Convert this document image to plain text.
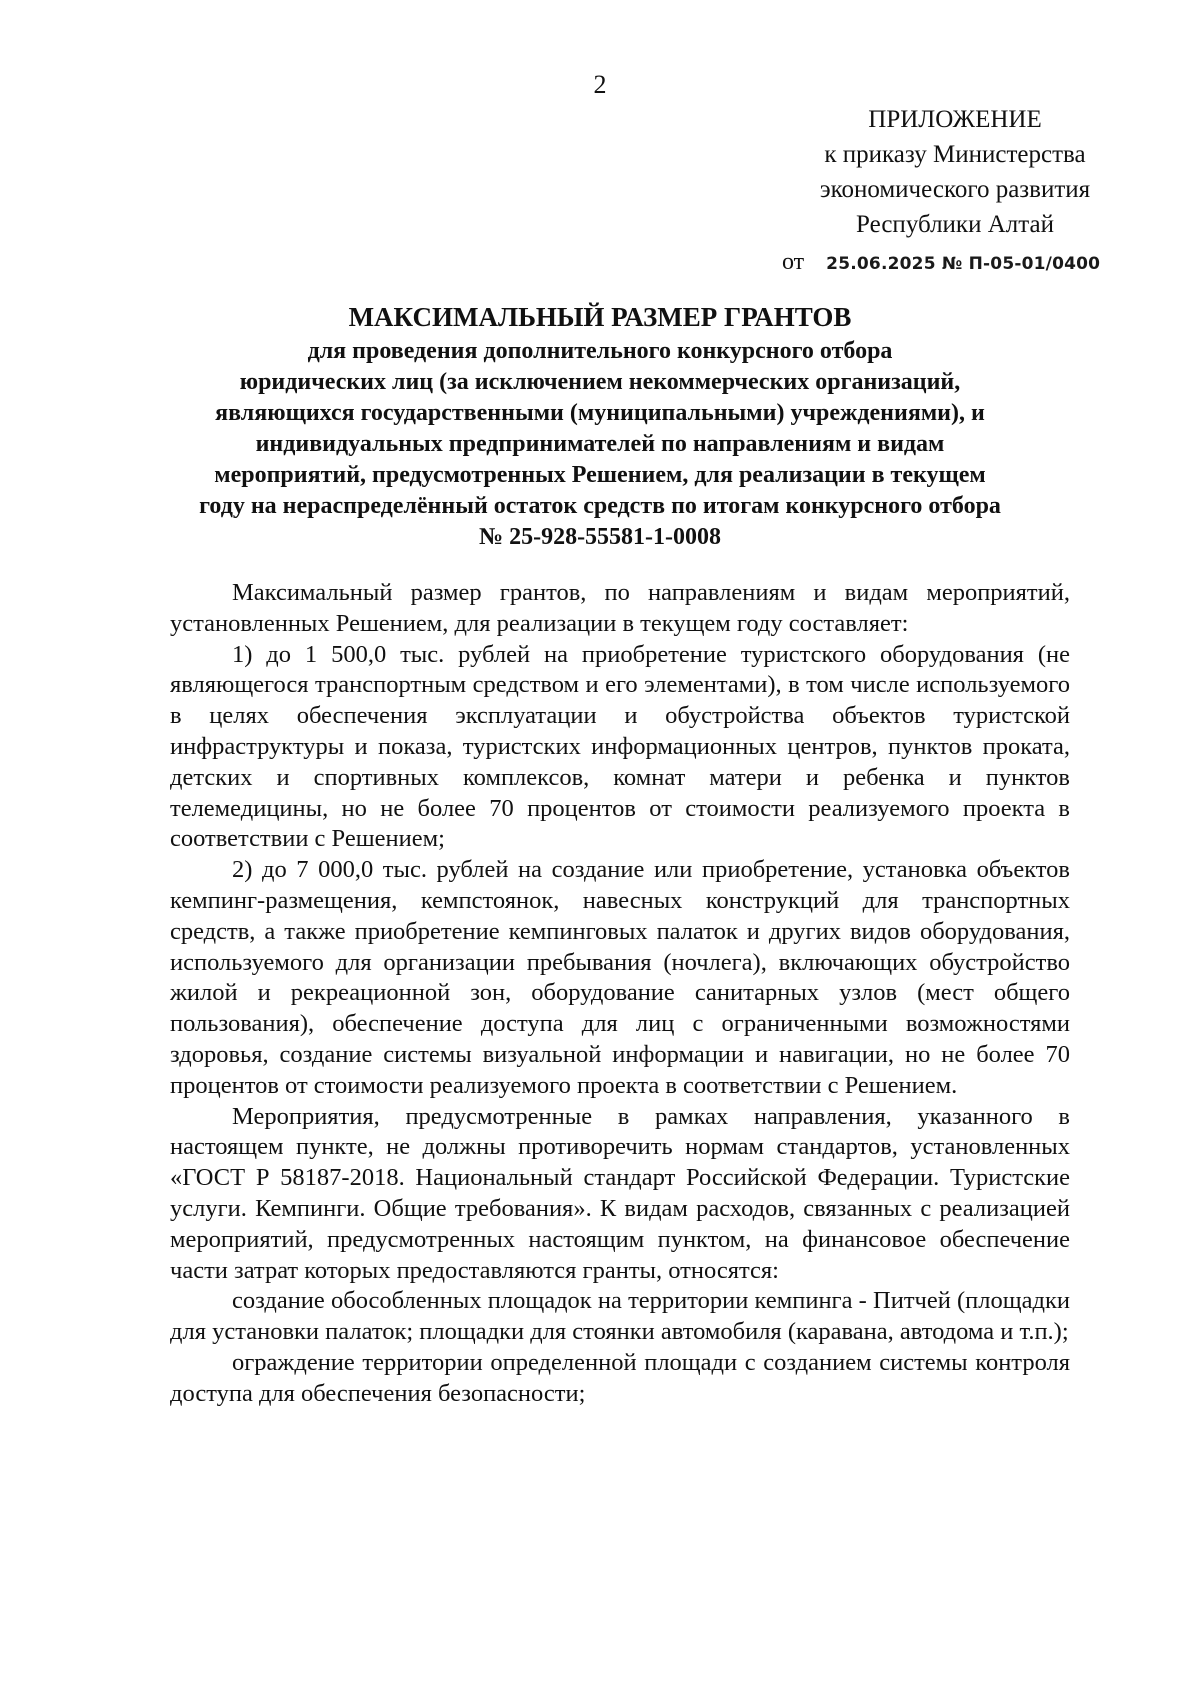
2
ПРИЛОЖЕНИЕ
к приказу Министерства
экономического развития
Республики Алтай
от 25.06.2025 № П-05-01/0400
МАКСИМАЛЬНЫЙ РАЗМЕР ГРАНТОВ
для проведения дополнительного конкурсного отбора
юридических лиц (за исключением некоммерческих организаций,
являющихся государственными (муниципальными) учреждениями), и
индивидуальных предпринимателей по направлениям и видам
мероприятий, предусмотренных Решением, для реализации в текущем
году на нераспределённый остаток средств по итогам конкурсного отбора
№ 25-928-55581-1-0008

Максимальный размер грантов, по направлениям и видам мероприятий, установленных Решением, для реализации в текущем году составляет:

1) до 1 500,0 тыс. рублей на приобретение туристского оборудования (не являющегося транспортным средством и его элементами), в том числе используемого в целях обеспечения эксплуатации и обустройства объектов туристской инфраструктуры и показа, туристских информационных центров, пунктов проката, детских и спортивных комплексов, комнат матери и ребенка и пунктов телемедицины, но не более 70 процентов от стоимости реализуемого проекта в соответствии с Решением;

2) до 7 000,0 тыс. рублей на создание или приобретение, установка объектов кемпинг-размещения, кемпстоянок, навесных конструкций для транспортных средств, а также приобретение кемпинговых палаток и других видов оборудования, используемого для организации пребывания (ночлега), включающих обустройство жилой и рекреационной зон, оборудование санитарных узлов (мест общего пользования), обеспечение доступа для лиц с ограниченными возможностями здоровья, создание системы визуальной информации и навигации, но не более 70 процентов от стоимости реализуемого проекта в соответствии с Решением.

Мероприятия, предусмотренные в рамках направления, указанного в настоящем пункте, не должны противоречить нормам стандартов, установленных «ГОСТ Р 58187-2018. Национальный стандарт Российской Федерации. Туристские услуги. Кемпинги. Общие требования». К видам расходов, связанных с реализацией мероприятий, предусмотренных настоящим пунктом, на финансовое обеспечение части затрат которых предоставляются гранты, относятся:

создание обособленных площадок на территории кемпинга - Питчей (площадки для установки палаток; площадки для стоянки автомобиля (каравана, автодома и т.п.);

ограждение территории определенной площади с созданием системы контроля доступа для обеспечения безопасности;
